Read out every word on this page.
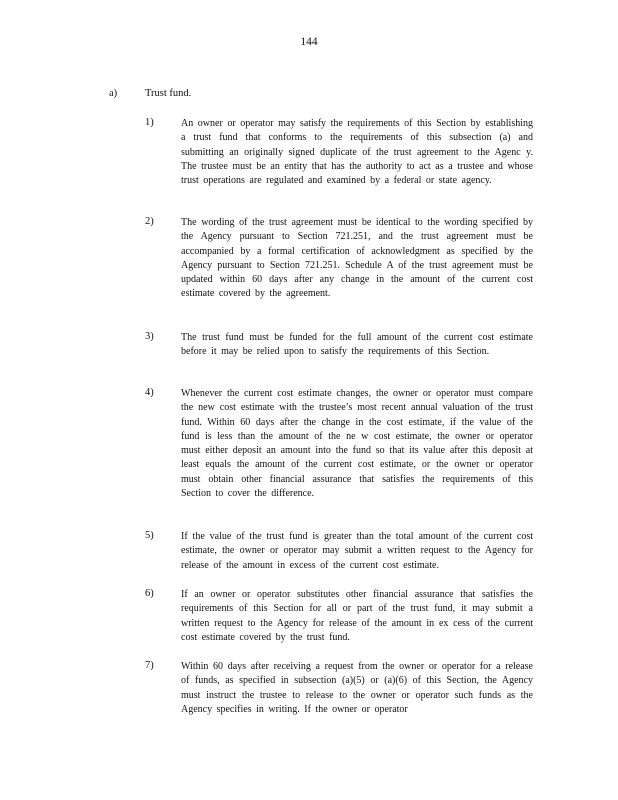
144
a)	Trust fund.
1)	An owner or operator may satisfy the requirements of this Section by establishing a trust fund that conforms to the requirements of this subsection (a) and submitting an originally signed duplicate of the trust agreement to the Agenc y. The trustee must be an entity that has the authority to act as a trustee and whose trust operations are regulated and examined by a federal or state agency.
2)	The wording of the trust agreement must be identical to the wording specified by the Agency pursuant to Section 721.251, and the trust agreement must be accompanied by a formal certification of acknowledgment as specified by the Agency pursuant to Section 721.251. Schedule A of the trust agreement must be updated within 60 days after any change in the amount of the current cost estimate covered by the agreement.
3)	The trust fund must be funded for the full amount of the current cost estimate before it may be relied upon to satisfy the requirements of this Section.
4)	Whenever the current cost estimate changes, the owner or operator must compare the new cost estimate with the trustee’s most recent annual valuation of the trust fund. Within 60 days after the change in the cost estimate, if the value of the fund is less than the amount of the ne w cost estimate, the owner or operator must either deposit an amount into the fund so that its value after this deposit at least equals the amount of the current cost estimate, or the owner or operator must obtain other financial assurance that satisfies the requirements of this Section to cover the difference.
5)	If the value of the trust fund is greater than the total amount of the current cost estimate, the owner or operator may submit a written request to the Agency for release of the amount in excess of the current cost estimate.
6)	If an owner or operator substitutes other financial assurance that satisfies the requirements of this Section for all or part of the trust fund, it may submit a written request to the Agency for release of the amount in ex cess of the current cost estimate covered by the trust fund.
7)	Within 60 days after receiving a request from the owner or operator for a release of funds, as specified in subsection (a)(5) or (a)(6) of this Section, the Agency must instruct the trustee to release to the owner or operator such funds as the Agency specifies in writing. If the owner or operator
